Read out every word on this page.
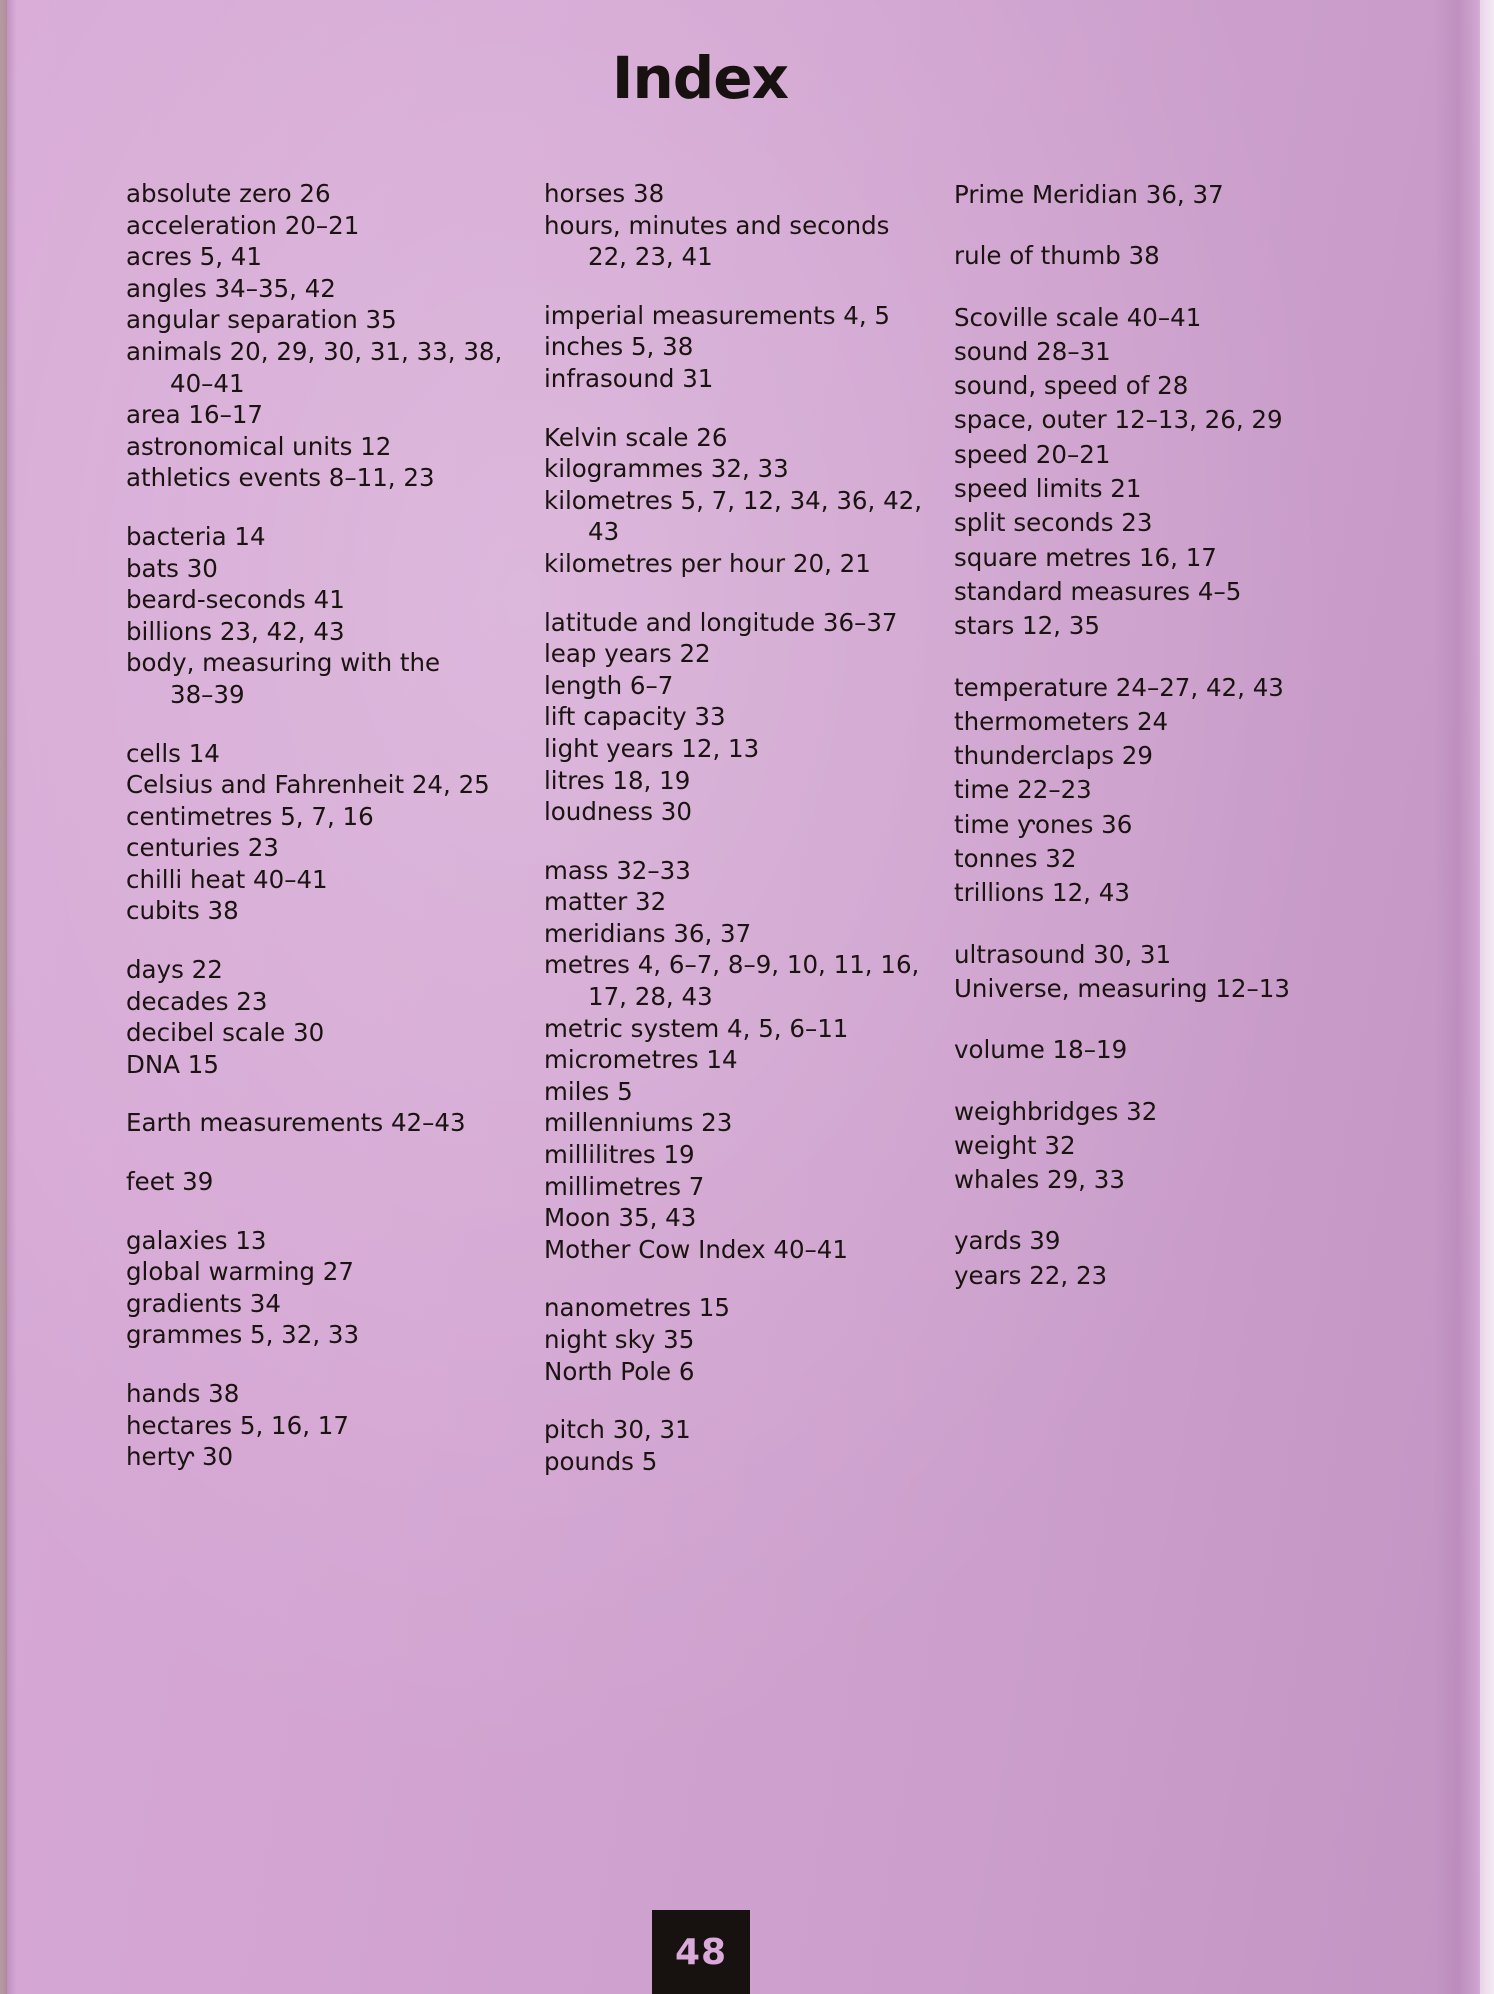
Index

absolute zero 26

acceleration 20–21

acres 5, 41

angles 34–35, 42

angular separation 35

animals 20, 29, 30, 31, 33, 38,
40–41

area 16–17

astronomical units 12

athletics events 8–11, 23

bacteria 14

bats 30

beard-seconds 41

billions 23, 42, 43

body, measuring with the
38–39

cells 14

Celsius and Fahrenheit 24, 25

centimetres 5, 7, 16

centuries 23

chilli heat 40–41

cubits 38

days 22

decades 23

decibel scale 30

DNA 15

Earth measurements 42–43

feet 39

galaxies 13

global warming 27

gradients 34

grammes 5, 32, 33

hands 38

hectares 5, 16, 17

hertƴ 30

horses 38

hours, minutes and seconds
22, 23, 41

imperial measurements 4, 5

inches 5, 38

infrasound 31

Kelvin scale 26

kilogrammes 32, 33

kilometres 5, 7, 12, 34, 36, 42,
43

kilometres per hour 20, 21

latitude and longitude 36–37

leap years 22

length 6–7

lift capacity 33

light years 12, 13

litres 18, 19

loudness 30

mass 32–33

matter 32

meridians 36, 37

metres 4, 6–7, 8–9, 10, 11, 16,
17, 28, 43

metric system 4, 5, 6–11

micrometres 14

miles 5

millenniums 23

millilitres 19

millimetres 7

Moon 35, 43

Mother Cow Index 40–41

nanometres 15

night sky 35

North Pole 6

pitch 30, 31

pounds 5

Prime Meridian 36, 37

rule of thumb 38

Scoville scale 40–41

sound 28–31

sound, speed of 28

space, outer 12–13, 26, 29

speed 20–21

speed limits 21

split seconds 23

square metres 16, 17

standard measures 4–5

stars 12, 35

temperature 24–27, 42, 43

thermometers 24

thunderclaps 29

time 22–23

time ƴones 36

tonnes 32

trillions 12, 43

ultrasound 30, 31

Universe, measuring 12–13

volume 18–19

weighbridges 32

weight 32

whales 29, 33

yards 39

years 22, 23

48
